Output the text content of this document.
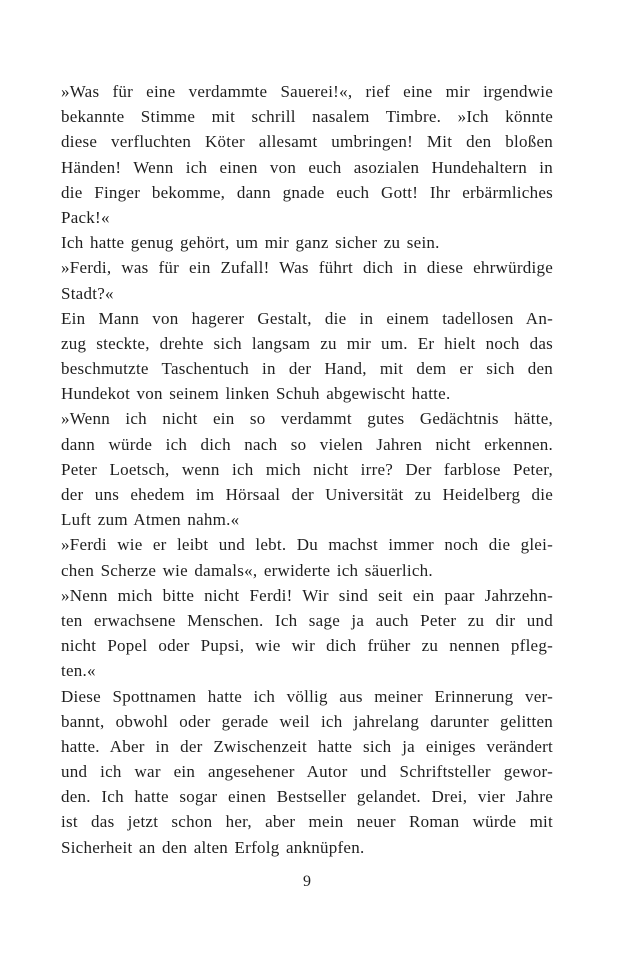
»Was für eine verdammte Sauerei!«, rief eine mir irgendwie
bekannte Stimme mit schrill nasalem Timbre. »Ich könnte
diese verfluchten Köter allesamt umbringen! Mit den bloßen
Händen! Wenn ich einen von euch asozialen Hundehaltern in
die Finger bekomme, dann gnade euch Gott! Ihr erbärmliches
Pack!«
Ich hatte genug gehört, um mir ganz sicher zu sein.
»Ferdi, was für ein Zufall! Was führt dich in diese ehrwürdige
Stadt?«
Ein Mann von hagerer Gestalt, die in einem tadellosen An-
zug steckte, drehte sich langsam zu mir um. Er hielt noch das
beschmutzte Taschentuch in der Hand, mit dem er sich den
Hundekot von seinem linken Schuh abgewischt hatte.
»Wenn ich nicht ein so verdammt gutes Gedächtnis hätte,
dann würde ich dich nach so vielen Jahren nicht erkennen.
Peter Loetsch, wenn ich mich nicht irre? Der farblose Peter,
der uns ehedem im Hörsaal der Universität zu Heidelberg die
Luft zum Atmen nahm.«
»Ferdi wie er leibt und lebt. Du machst immer noch die glei-
chen Scherze wie damals«, erwiderte ich säuerlich.
»Nenn mich bitte nicht Ferdi! Wir sind seit ein paar Jahrzehn-
ten erwachsene Menschen. Ich sage ja auch Peter zu dir und
nicht Popel oder Pupsi, wie wir dich früher zu nennen pfleg-
ten.«
Diese Spottnamen hatte ich völlig aus meiner Erinnerung ver-
bannt, obwohl oder gerade weil ich jahrelang darunter gelitten
hatte. Aber in der Zwischenzeit hatte sich ja einiges verändert
und ich war ein angesehener Autor und Schriftsteller gewor-
den. Ich hatte sogar einen Bestseller gelandet. Drei, vier Jahre
ist das jetzt schon her, aber mein neuer Roman würde mit
Sicherheit an den alten Erfolg anknüpfen.
9
